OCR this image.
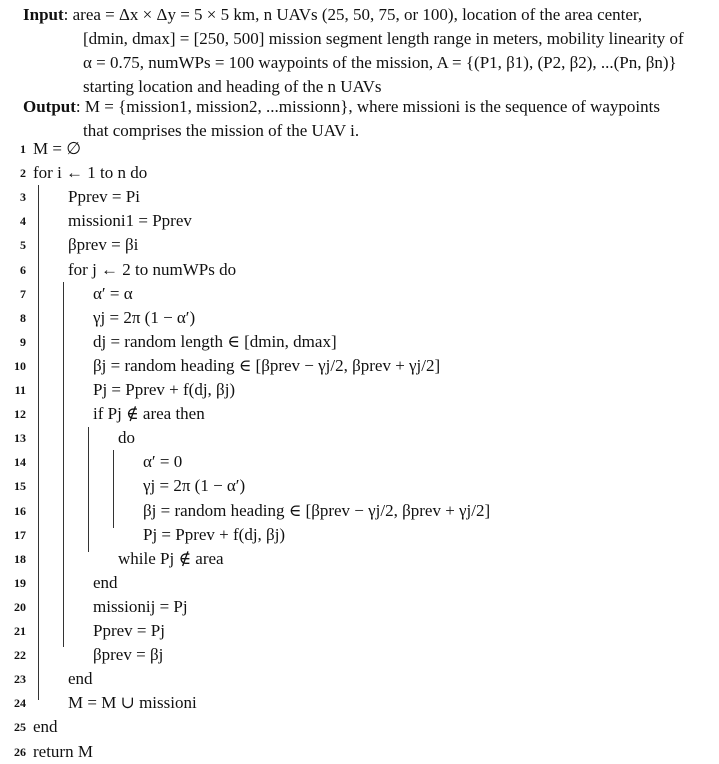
Input: area = Δx × Δy = 5 × 5 km, n UAVs (25, 50, 75, or 100), location of the area center,
[dmin, dmax] = [250, 500] mission segment length range in meters, mobility linearity of
α = 0.75, numWPs = 100 waypoints of the mission, A = {(P1, β1), (P2, β2), ...(Pn, βn)}
starting location and heading of the n UAVs
Output: M = {mission1, mission2, ...missionn}, where missioni is the sequence of waypoints
that comprises the mission of the UAV i.
1 M = ∅
2 for i ← 1 to n do
3 Pprev = Pi
4 missioni1 = Pprev
5 βprev = βi
6 for j ← 2 to numWPs do
7	α′ = α
8	γj = 2π (1 − α′)
9	dj = random length ∈ [dmin, dmax]
10	βj = random heading ∈ [βprev − γj/2, βprev + γj/2]
11	Pj = Pprev + f(dj, βj)
12	if Pj ∉ area then
13	do
14	α′ = 0
15	γj = 2π (1 − α′)
16	βj = random heading ∈ [βprev − γj/2, βprev + γj/2]
17	Pj = Pprev + f(dj, βj)
18	while Pj ∉ area
19	end
20	missionij = Pj
21	Pprev = Pj
22	βprev = βj
23 end
24 M = M ∪ missioni
25 end
26 return M
